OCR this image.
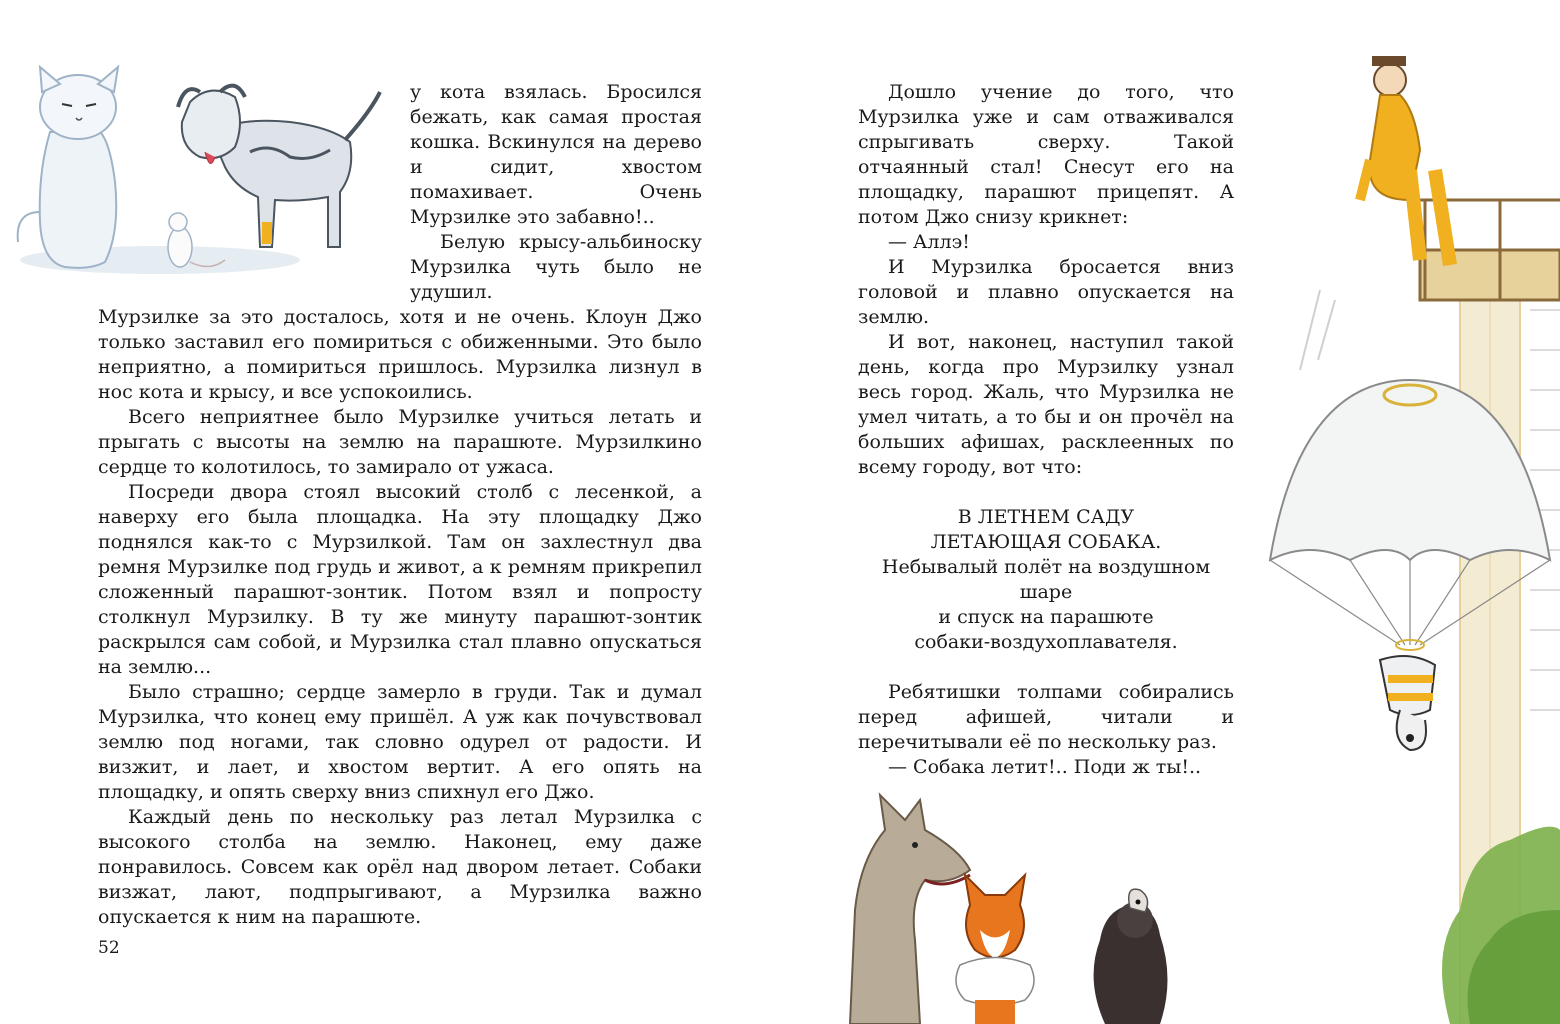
у кота взялась. Бросился бежать, как самая простая кошка. Вскинулся на дерево и сидит, хвостом помахивает. Очень Мурзилке это забавно!..

Белую крысу-альбиноску Мурзилка чуть было не удушил.

Мурзилке за это досталось, хотя и не очень. Клоун Джо только заставил его помириться с обиженными. Это было неприятно, а помириться пришлось. Мурзилка лизнул в нос кота и крысу, и все успокоились.

Всего неприятнее было Мурзилке учиться летать и прыгать с высоты на землю на парашюте. Мурзилкино сердце то колотилось, то замирало от ужаса.

Посреди двора стоял высокий столб с лесенкой, а наверху его была площадка. На эту площадку Джо поднялся как-то с Мурзилкой. Там он захлестнул два ремня Мурзилке под грудь и живот, а к ремням прикрепил сложенный парашют-зонтик. Потом взял и попросту столкнул Мурзилку. В ту же минуту парашют-зонтик раскрылся сам собой, и Мурзилка стал плавно опускаться на землю...

Было страшно; сердце замерло в груди. Так и думал Мурзилка, что конец ему пришёл. А уж как почувствовал землю под ногами, так словно одурел от радости. И визжит, и лает, и хвостом вертит. А его опять на площадку, и опять сверху вниз спихнул его Джо.

Каждый день по нескольку раз летал Мурзилка с высокого столба на землю. Наконец, ему даже понравилось. Совсем как орёл над двором летает. Собаки визжат, лают, подпрыгивают, а Мурзилка важно опускается к ним на парашюте.

52

Дошло учение до того, что Мурзилка уже и сам отваживался спрыгивать сверху. Такой отчаянный стал! Снесут его на площадку, парашют прицепят. А потом Джо снизу крикнет:

— Аллэ!

И Мурзилка бросается вниз головой и плавно опускается на землю.

И вот, наконец, наступил такой день, когда про Мурзилку узнал весь город. Жаль, что Мурзилка не умел читать, а то бы и он прочёл на больших афишах, расклеенных по всему городу, вот что:

В ЛЕТНЕМ САДУ

ЛЕТАЮЩАЯ СОБАКА.

Небывалый полёт на воздушном шаре

и спуск на парашюте

собаки-воздухоплавателя.

Ребятишки толпами собирались перед афишей, читали и перечитывали её по нескольку раз.

— Собака летит!.. Поди ж ты!..
